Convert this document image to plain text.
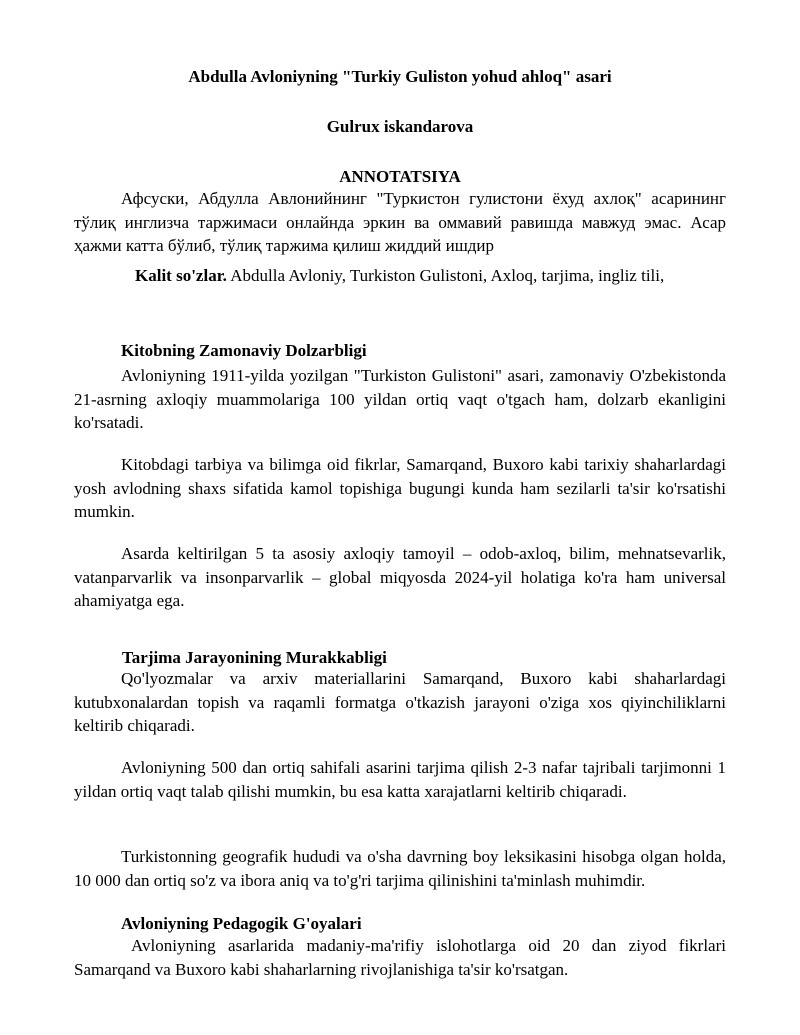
Abdulla Avloniyning "Turkiy Guliston yohud ahloq" asari
Gulrux iskandarova
ANNOTATSIYA

Афсуски, Абдулла Авлонийнинг "Туркистон гулистони ёхуд ахлоқ" асарининг тўлиқ инглизча таржимаси онлайнда эркин ва оммавий равишда мавжуд эмас. Асар ҳажми катта бўлиб, тўлиқ таржима қилиш жиддий ишдир

Kalit so'zlar. Abdulla Avloniy, Turkiston Gulistoni, Axloq, tarjima, ingliz tili,
Kitobning Zamonaviy Dolzarbligi

Avloniyning 1911-yilda yozilgan "Turkiston Gulistoni" asari, zamonaviy O'zbekistonda 21-asrning axloqiy muammolariga 100 yildan ortiq vaqt o'tgach ham, dolzarb ekanligini ko'rsatadi.

Kitobdagi tarbiya va bilimga oid fikrlar, Samarqand, Buxoro kabi tarixiy shaharlardagi yosh avlodning shaxs sifatida kamol topishiga bugungi kunda ham sezilarli ta'sir ko'rsatishi mumkin.

Asarda keltirilgan 5 ta asosiy axloqiy tamoyil – odob-axloq, bilim, mehnatsevarlik, vatanparvarlik va insonparvarlik – global miqyosda 2024-yil holatiga ko'ra ham universal ahamiyatga ega.

Tarjima Jarayonining Murakkabligi

Qo'lyozmalar va arxiv materiallarini Samarqand, Buxoro kabi shaharlardagi kutubxonalardan topish va raqamli formatga o'tkazish jarayoni o'ziga xos qiyinchiliklarni keltirib chiqaradi.

Avloniyning 500 dan ortiq sahifali asarini tarjima qilish 2-3 nafar tajribali tarjimonni 1 yildan ortiq vaqt talab qilishi mumkin, bu esa katta xarajatlarni keltirib chiqaradi.

Turkistonning geografik hududi va o'sha davrning boy leksikasini hisobga olgan holda, 10 000 dan ortiq so'z va ibora aniq va to'g'ri tarjima qilinishini ta'minlash muhimdir.

Avloniyning Pedagogik G'oyalari

Avloniyning asarlarida madaniy-ma'rifiy islohotlarga oid 20 dan ziyod fikrlari Samarqand va Buxoro kabi shaharlarning rivojlanishiga ta'sir ko'rsatgan.
